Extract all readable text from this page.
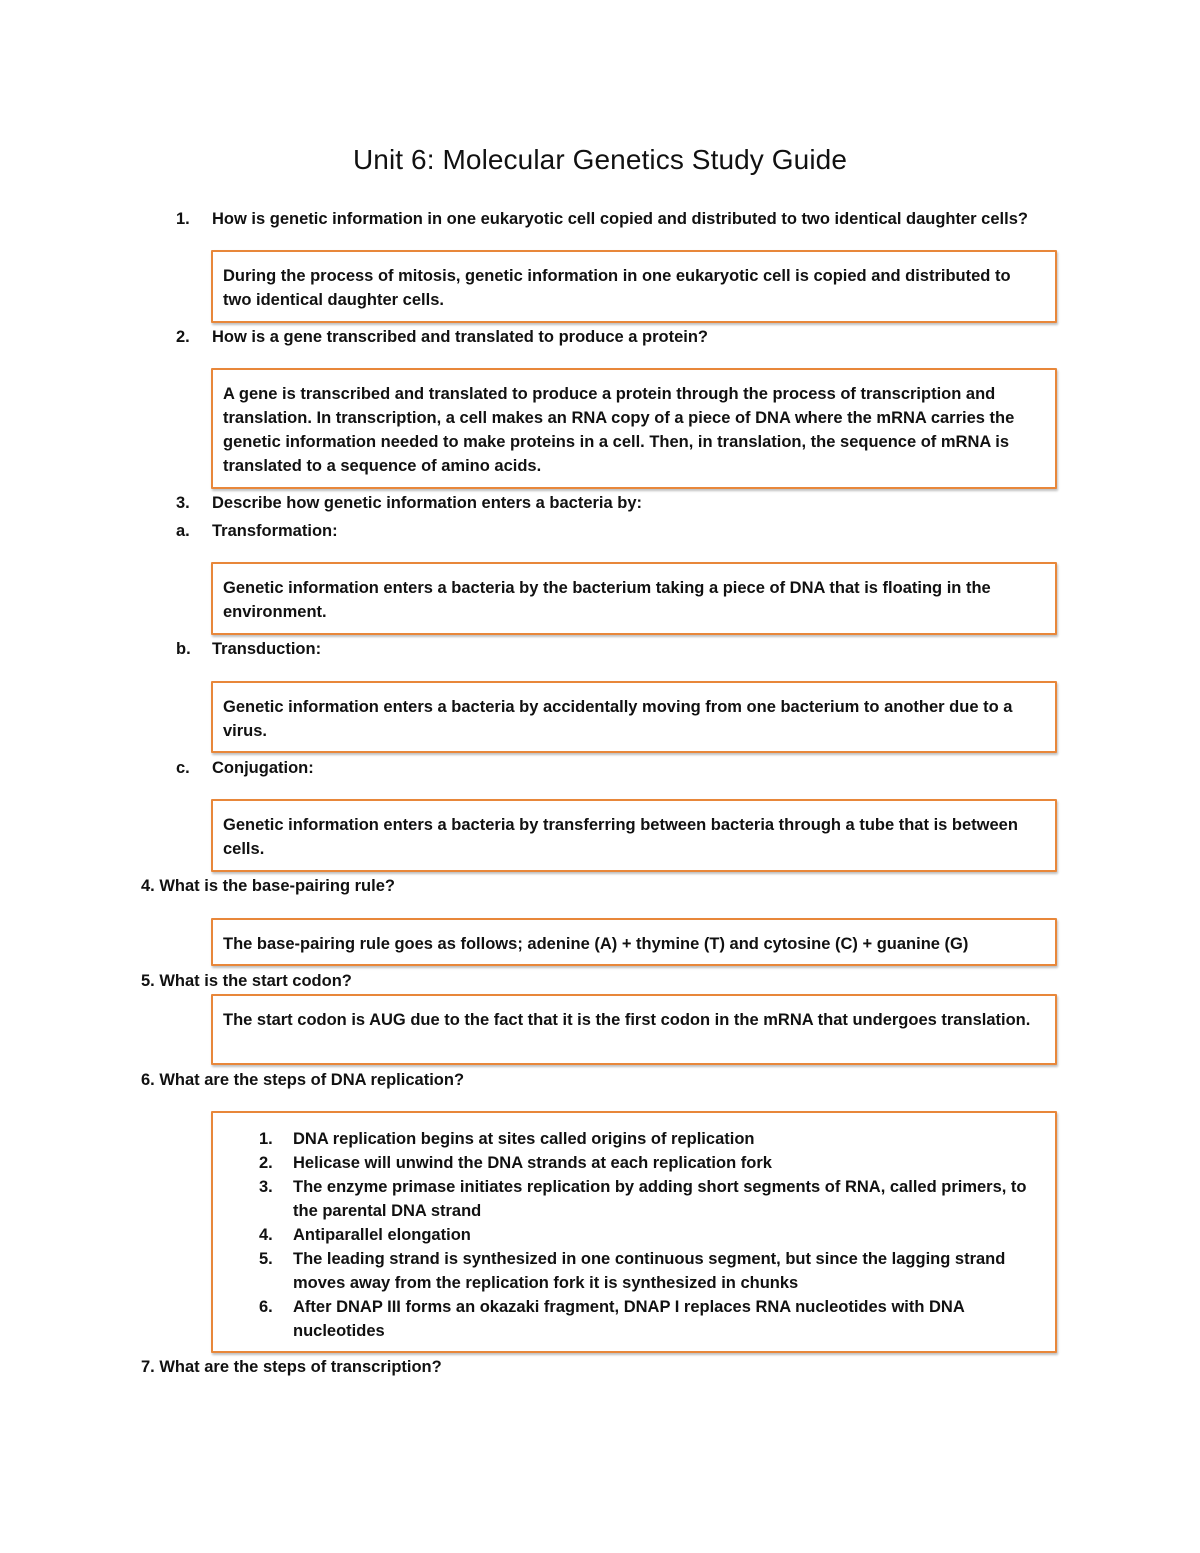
Unit 6: Molecular Genetics Study Guide
1. How is genetic information in one eukaryotic cell copied and distributed to two identical daughter cells?
During the process of mitosis, genetic information in one eukaryotic cell is copied and distributed to two identical daughter cells.
2. How is a gene transcribed and translated to produce a protein?
A gene is transcribed and translated to produce a protein through the process of transcription and translation. In transcription, a cell makes an RNA copy of a piece of DNA where the mRNA carries the genetic information needed to make proteins in a cell. Then, in translation, the sequence of mRNA is translated to a sequence of amino acids.
3. Describe how genetic information enters a bacteria by:
a. Transformation:
Genetic information enters a bacteria by the bacterium taking a piece of DNA that is floating in the environment.
b. Transduction:
Genetic information enters a bacteria by accidentally moving from one bacterium to another due to a virus.
c. Conjugation:
Genetic information enters a bacteria by transferring between bacteria through a tube that is between cells.
4. What is the base-pairing rule?
The base-pairing rule goes as follows; adenine (A) + thymine (T) and cytosine (C) + guanine (G)
5. What is the start codon?
The start codon is AUG due to the fact that it is the first codon in the mRNA that undergoes translation.
6. What are the steps of DNA replication?
1. DNA replication begins at sites called origins of replication
2. Helicase will unwind the DNA strands at each replication fork
3. The enzyme primase initiates replication by adding short segments of RNA, called primers, to the parental DNA strand
4. Antiparallel elongation
5. The leading strand is synthesized in one continuous segment, but since the lagging strand moves away from the replication fork it is synthesized in chunks
6. After DNAP III forms an okazaki fragment, DNAP I replaces RNA nucleotides with DNA nucleotides
7. What are the steps of transcription?
